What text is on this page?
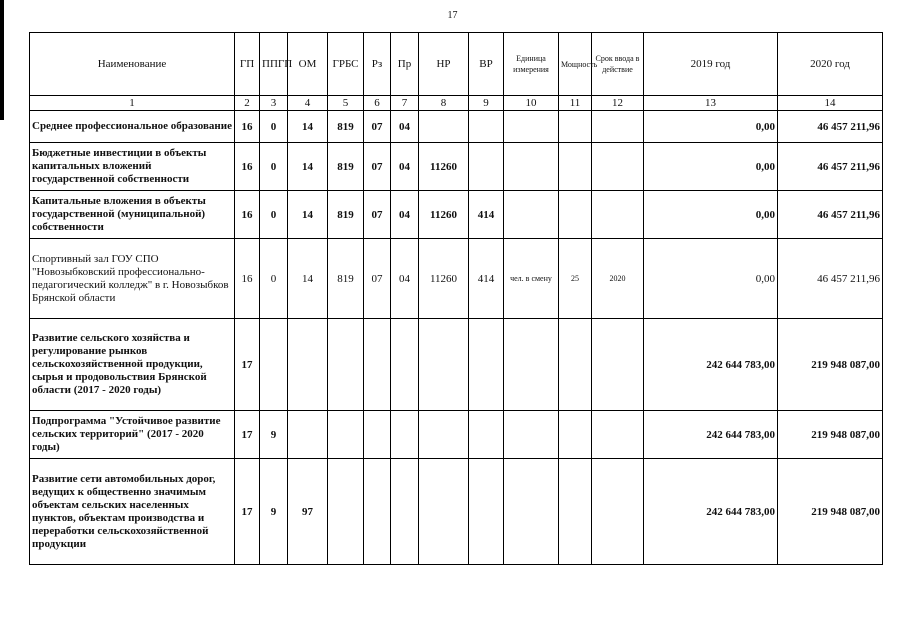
17
Наименование	ГП	ППГП	ОМ	ГРБС	Рз	Пр	НР	ВР	Единица измерения	Мощность	Срок ввода в действие	2019 год	2020 год
1	2	3	4	5	6	7	8	9	10	11	12	13	14
Среднее профессиональное образование	16	0	14	819	07	04						0,00	46 457 211,96
Бюджетные инвестиции в объекты капитальных вложений государственной собственности	16	0	14	819	07	04	11260					0,00	46 457 211,96
Капитальные вложения в объекты государственной (муниципальной) собственности	16	0	14	819	07	04	11260	414				0,00	46 457 211,96
Спортивный зал ГОУ СПО "Новозыбковский профессионально-педагогический колледж" в г. Новозыбков Брянской области	16	0	14	819	07	04	11260	414	чел. в смену	25	2020	0,00	46 457 211,96
Развитие сельского хозяйства и регулирование рынков сельскохозяйственной продукции, сырья и продовольствия Брянской области (2017 - 2020 годы)	17											242 644 783,00	219 948 087,00
Подпрограмма "Устойчивое развитие сельских территорий" (2017 - 2020 годы)	17	9										242 644 783,00	219 948 087,00
Развитие сети автомобильных дорог, ведущих к общественно значимым объектам сельских населенных пунктов, объектам производства и переработки сельскохозяйственной продукции	17	9	97									242 644 783,00	219 948 087,00
